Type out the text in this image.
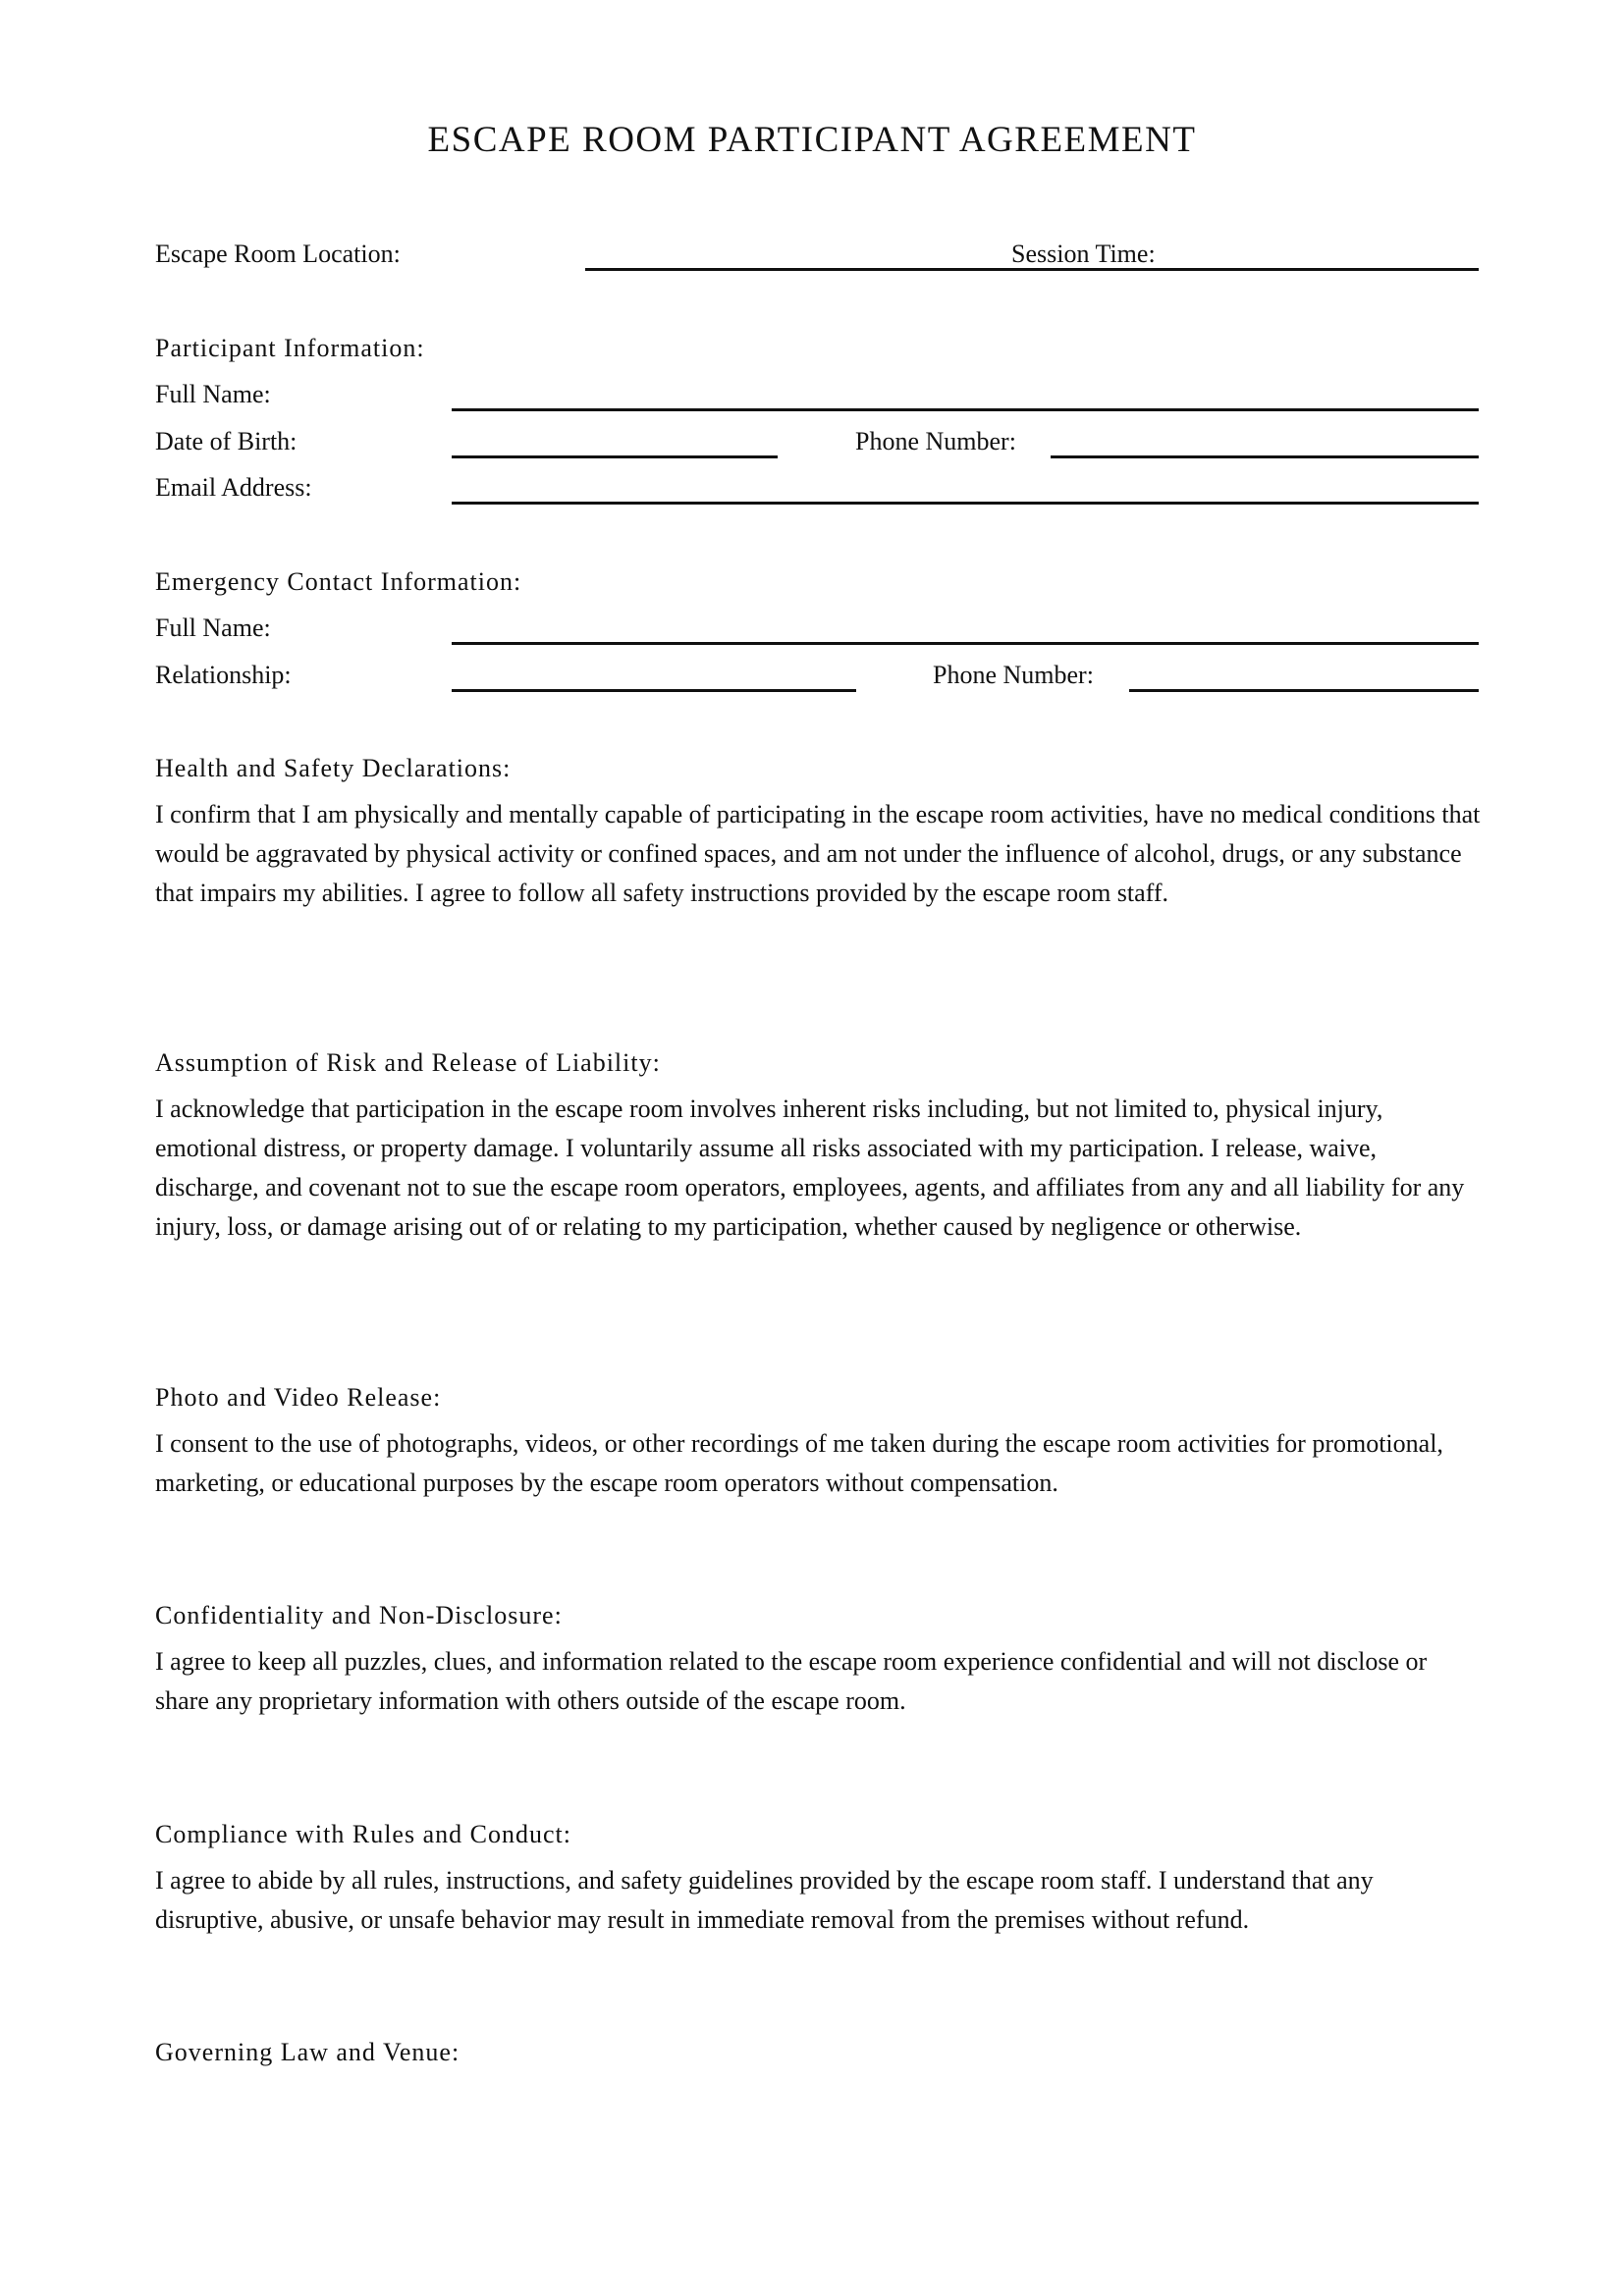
ESCAPE ROOM PARTICIPANT AGREEMENT
Escape Room Location:	Session Time:
Participant Information:
Full Name:
Date of Birth:	Phone Number:
Email Address:
Emergency Contact Information:
Full Name:
Relationship:	Phone Number:
Health and Safety Declarations:
I confirm that I am physically and mentally capable of participating in the escape room activities, have no medical conditions that would be aggravated by physical activity or confined spaces, and am not under the influence of alcohol, drugs, or any substance that impairs my abilities. I agree to follow all safety instructions provided by the escape room staff.
Assumption of Risk and Release of Liability:
I acknowledge that participation in the escape room involves inherent risks including, but not limited to, physical injury, emotional distress, or property damage. I voluntarily assume all risks associated with my participation. I release, waive, discharge, and covenant not to sue the escape room operators, employees, agents, and affiliates from any and all liability for any injury, loss, or damage arising out of or relating to my participation, whether caused by negligence or otherwise.
Photo and Video Release:
I consent to the use of photographs, videos, or other recordings of me taken during the escape room activities for promotional, marketing, or educational purposes by the escape room operators without compensation.
Confidentiality and Non-Disclosure:
I agree to keep all puzzles, clues, and information related to the escape room experience confidential and will not disclose or share any proprietary information with others outside of the escape room.
Compliance with Rules and Conduct:
I agree to abide by all rules, instructions, and safety guidelines provided by the escape room staff. I understand that any disruptive, abusive, or unsafe behavior may result in immediate removal from the premises without refund.
Governing Law and Venue:
